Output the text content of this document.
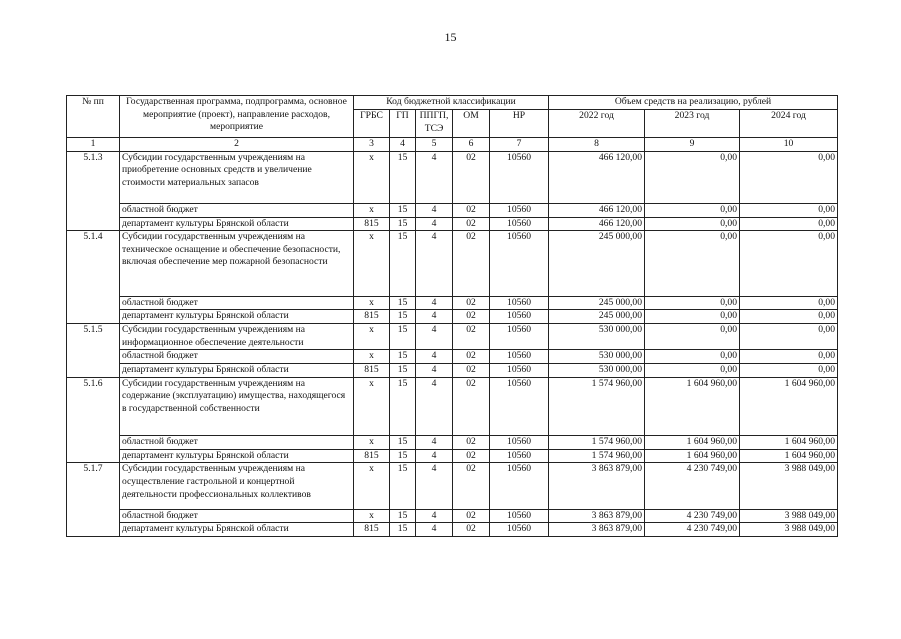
15
№ пп	Государственная программа, подпрограмма, основное мероприятие (проект), направление расходов, мероприятие	Код бюджетной классификации					Объем средств на реализацию, рублей		
		ГРБС	ГП	ППГП, ТСЭ	ОМ	НР	2022 год	2023 год	2024 год
1	2	3	4	5	6	7	8	9	10
5.1.3	Субсидии государственным учреждениям на приобретение основных средств и увеличение стоимости материальных запасов	х	15	4	02	10560	466 120,00	0,00	0,00
	областной бюджет	х	15	4	02	10560	466 120,00	0,00	0,00
	департамент культуры Брянской области	815	15	4	02	10560	466 120,00	0,00	0,00
5.1.4	Субсидии государственным учреждениям на техническое оснащение и обеспечение безопасности, включая обеспечение мер пожарной безопасности	х	15	4	02	10560	245 000,00	0,00	0,00
	областной бюджет	х	15	4	02	10560	245 000,00	0,00	0,00
	департамент культуры Брянской области	815	15	4	02	10560	245 000,00	0,00	0,00
5.1.5	Субсидии государственным учреждениям на информационное обеспечение деятельности	х	15	4	02	10560	530 000,00	0,00	0,00
	областной бюджет	х	15	4	02	10560	530 000,00	0,00	0,00
	департамент культуры Брянской области	815	15	4	02	10560	530 000,00	0,00	0,00
5.1.6	Субсидии государственным учреждениям на содержание (эксплуатацию) имущества, находящегося в государственной собственности	х	15	4	02	10560	1 574 960,00	1 604 960,00	1 604 960,00
	областной бюджет	х	15	4	02	10560	1 574 960,00	1 604 960,00	1 604 960,00
	департамент культуры Брянской области	815	15	4	02	10560	1 574 960,00	1 604 960,00	1 604 960,00
5.1.7	Субсидии государственным учреждениям на осуществление гастрольной и концертной деятельности профессиональных коллективов	х	15	4	02	10560	3 863 879,00	4 230 749,00	3 988 049,00
	областной бюджет	х	15	4	02	10560	3 863 879,00	4 230 749,00	3 988 049,00
	департамент культуры Брянской области	815	15	4	02	10560	3 863 879,00	4 230 749,00	3 988 049,00
